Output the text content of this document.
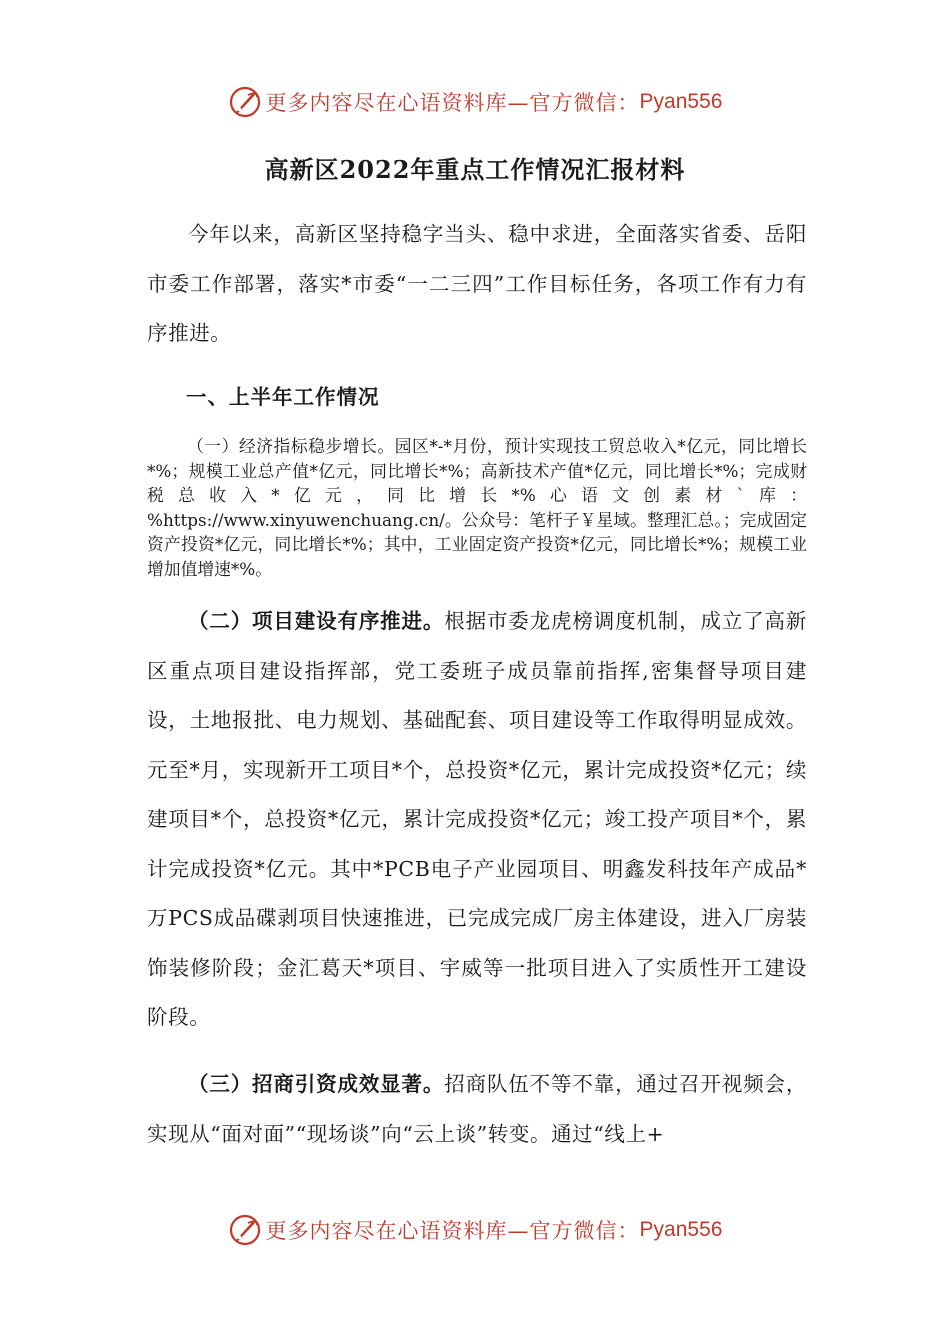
更多内容尽在心语资料库—官方微信： Pyan556
高新区2022年重点工作情况汇报材料

今年以来，高新区坚持稳字当头、稳中求进，全面落实省委、岳阳市委工作部署，落实*市委“一二三四”工作目标任务，各项工作有力有序推进。

一、上半年工作情况

（一）经济指标稳步增长。园区*-*月份，预计实现技工贸总收入*亿元，同比增长*%；规模工业总产值*亿元，同比增长*%；高新技术产值*亿元，同比增长*%；完成财税总收入*亿元，同比增长*%心语文创素材`库：%https://www.xinyuwenchuang.cn/。公众号：笔杆子￥星域。整理汇总。；完成固定资产投资*亿元，同比增长*%；其中，工业固定资产投资*亿元，同比增长*%；规模工业增加值增速*%。

（二）项目建设有序推进。根据市委龙虎榜调度机制，成立了高新区重点项目建设指挥部，党工委班子成员靠前指挥,密集督导项目建设，土地报批、电力规划、基础配套、项目建设等工作取得明显成效。元至*月，实现新开工项目*个，总投资*亿元，累计完成投资*亿元；续建项目*个，总投资*亿元，累计完成投资*亿元；竣工投产项目*个，累计完成投资*亿元。其中*PCB电子产业园项目、明鑫发科技年产成品*万PCS成品碟剥项目快速推进，已完成完成厂房主体建设，进入厂房装饰装修阶段；金汇葛天*项目、宇威等一批项目进入了实质性开工建设阶段。

（三）招商引资成效显著。招商队伍不等不靠，通过召开视频会，实现从“面对面”“现场谈”向“云上谈”转变。通过“线上+

更多内容尽在心语资料库—官方微信： Pyan556
